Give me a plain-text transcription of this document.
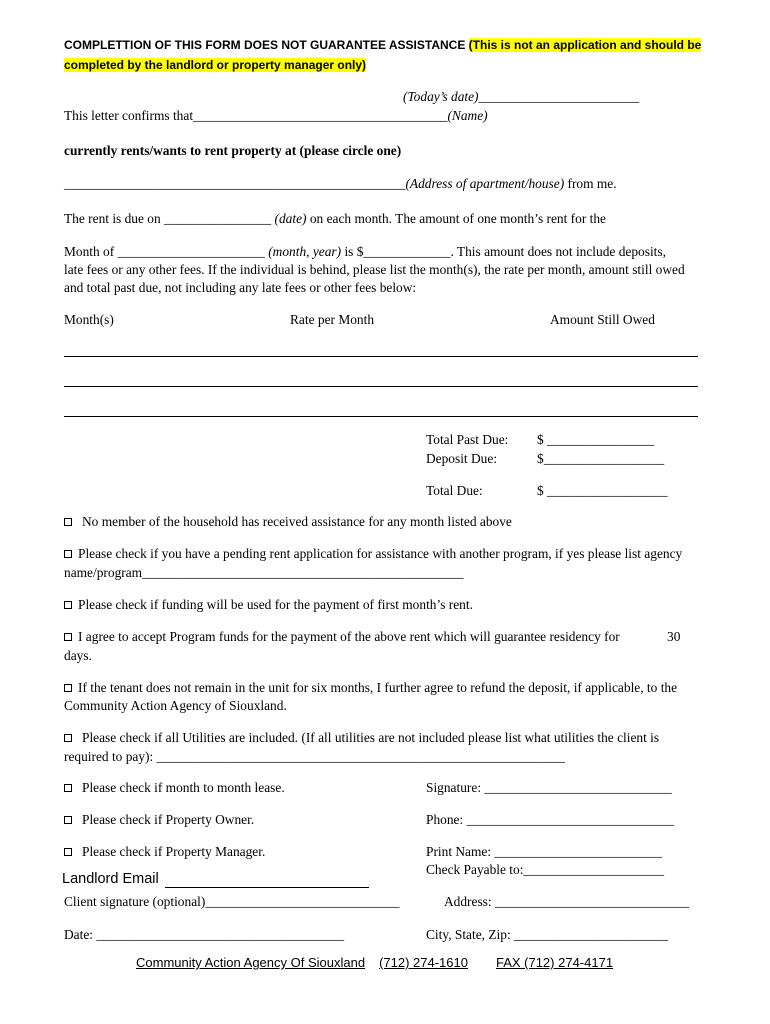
COMPLETTION OF THIS FORM DOES NOT GUARANTEE ASSISTANCE (This is not an application and should be
completed by the landlord or property manager only)
(Today’s date)________________________
This letter confirms that______________________________________(Name)
currently rents/wants to rent property at (please circle one)
___________________________________________________(Address of apartment/house) from me.
The rent is due on ________________ (date) on each month. The amount of one month’s rent for the
Month of ______________________ (month, year) is $_____________. This amount does not include deposits,
late fees or any other fees. If the individual is behind, please list the month(s), the rate per month, amount still owed
and total past due, not including any late fees or other fees below:
Month(s)	Rate per Month	Amount Still Owed
Total Past Due: $ ________________
Deposit Due:	$__________________
Total Due:	$ __________________
No member of the household has received assistance for any month listed above
Please check if you have a pending rent application for assistance with another program, if yes please list agency
name/program________________________________________________
Please check if funding will be used for the payment of first month’s rent.
I agree to accept Program funds for the payment of the above rent which will guarantee residency for	30
days.
If the tenant does not remain in the unit for six months, I further agree to refund the deposit, if applicable, to the
Community Action Agency of Siouxland.
Please check if all Utilities are included. (If all utilities are not included please list what utilities the client is
required to pay): _____________________________________________________________
Please check if month to month lease.	Signature: ____________________________
Please check if Property Owner.	Phone: _______________________________
Please check if Property Manager.	Print Name: _________________________
Check Payable to:_____________________
Landlord Email
Client signature (optional)_____________________________	Address: _____________________________
Date: _____________________________________	City, State, Zip: _______________________
Community Action Agency Of Siouxland (712) 274-1610 FAX (712) 274-4171
